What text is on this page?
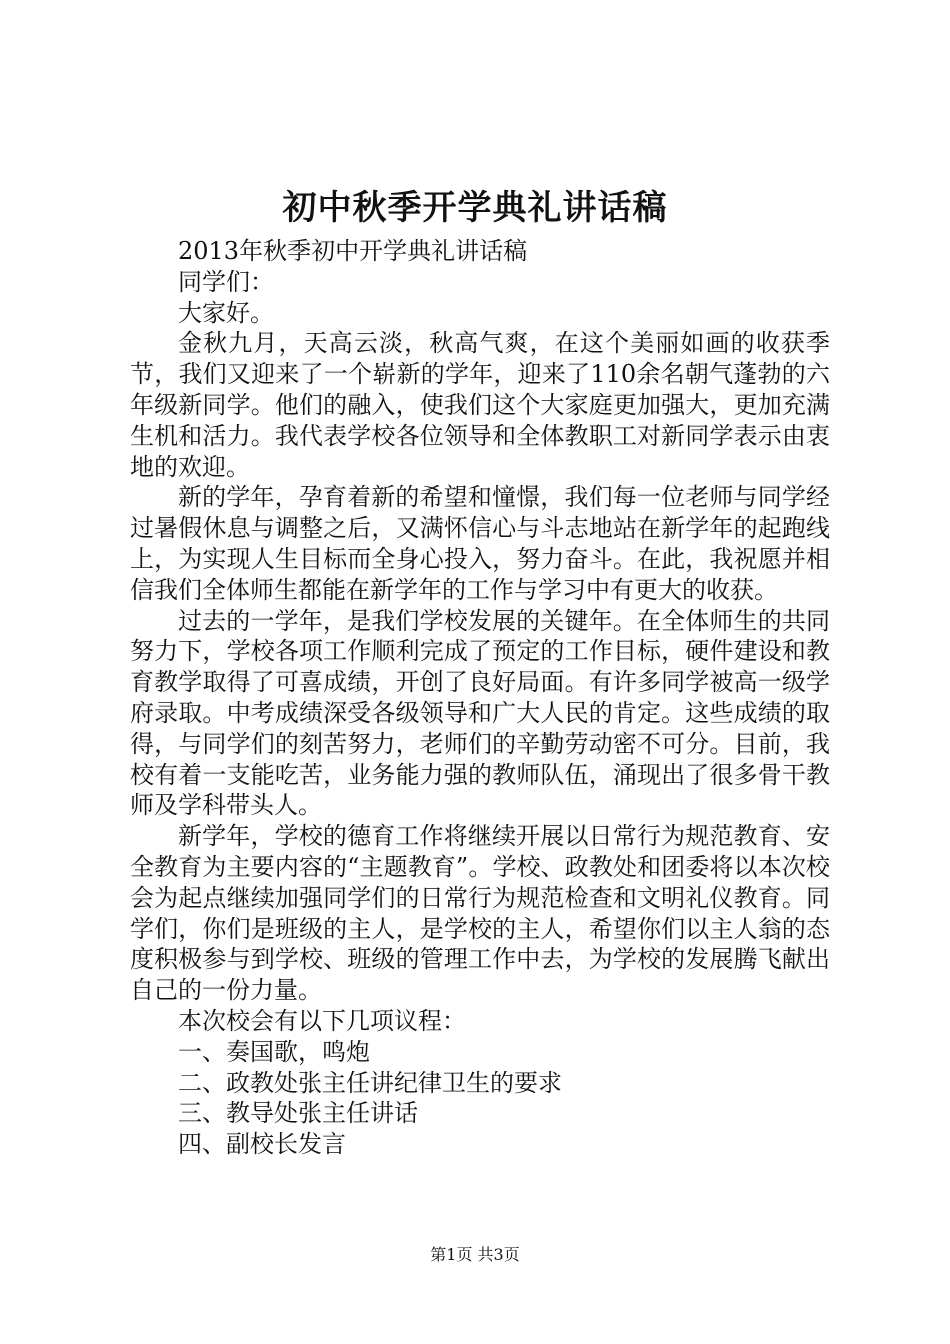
初中秋季开学典礼讲话稿

2013年秋季初中开学典礼讲话稿

同学们：

大家好。

金秋九月，天高云淡，秋高气爽，在这个美丽如画的收获季节，我们又迎来了一个崭新的学年，迎来了110余名朝气蓬勃的六年级新同学。他们的融入，使我们这个大家庭更加强大，更加充满生机和活力。我代表学校各位领导和全体教职工对新同学表示由衷地的欢迎。

新的学年，孕育着新的希望和憧憬，我们每一位老师与同学经过暑假休息与调整之后，又满怀信心与斗志地站在新学年的起跑线上，为实现人生目标而全身心投入，努力奋斗。在此，我祝愿并相信我们全体师生都能在新学年的工作与学习中有更大的收获。

过去的一学年，是我们学校发展的关键年。在全体师生的共同努力下，学校各项工作顺利完成了预定的工作目标，硬件建设和教育教学取得了可喜成绩，开创了良好局面。有许多同学被高一级学府录取。中考成绩深受各级领导和广大人民的肯定。这些成绩的取得，与同学们的刻苦努力，老师们的辛勤劳动密不可分。目前，我校有着一支能吃苦，业务能力强的教师队伍，涌现出了很多骨干教师及学科带头人。

新学年，学校的德育工作将继续开展以日常行为规范教育、安全教育为主要内容的“主题教育”。学校、政教处和团委将以本次校会为起点继续加强同学们的日常行为规范检查和文明礼仪教育。同学们，你们是班级的主人，是学校的主人，希望你们以主人翁的态度积极参与到学校、班级的管理工作中去，为学校的发展腾飞献出自己的一份力量。

本次校会有以下几项议程：

一、奏国歌，鸣炮

二、政教处张主任讲纪律卫生的要求

三、教导处张主任讲话

四、副校长发言

第1页 共3页
